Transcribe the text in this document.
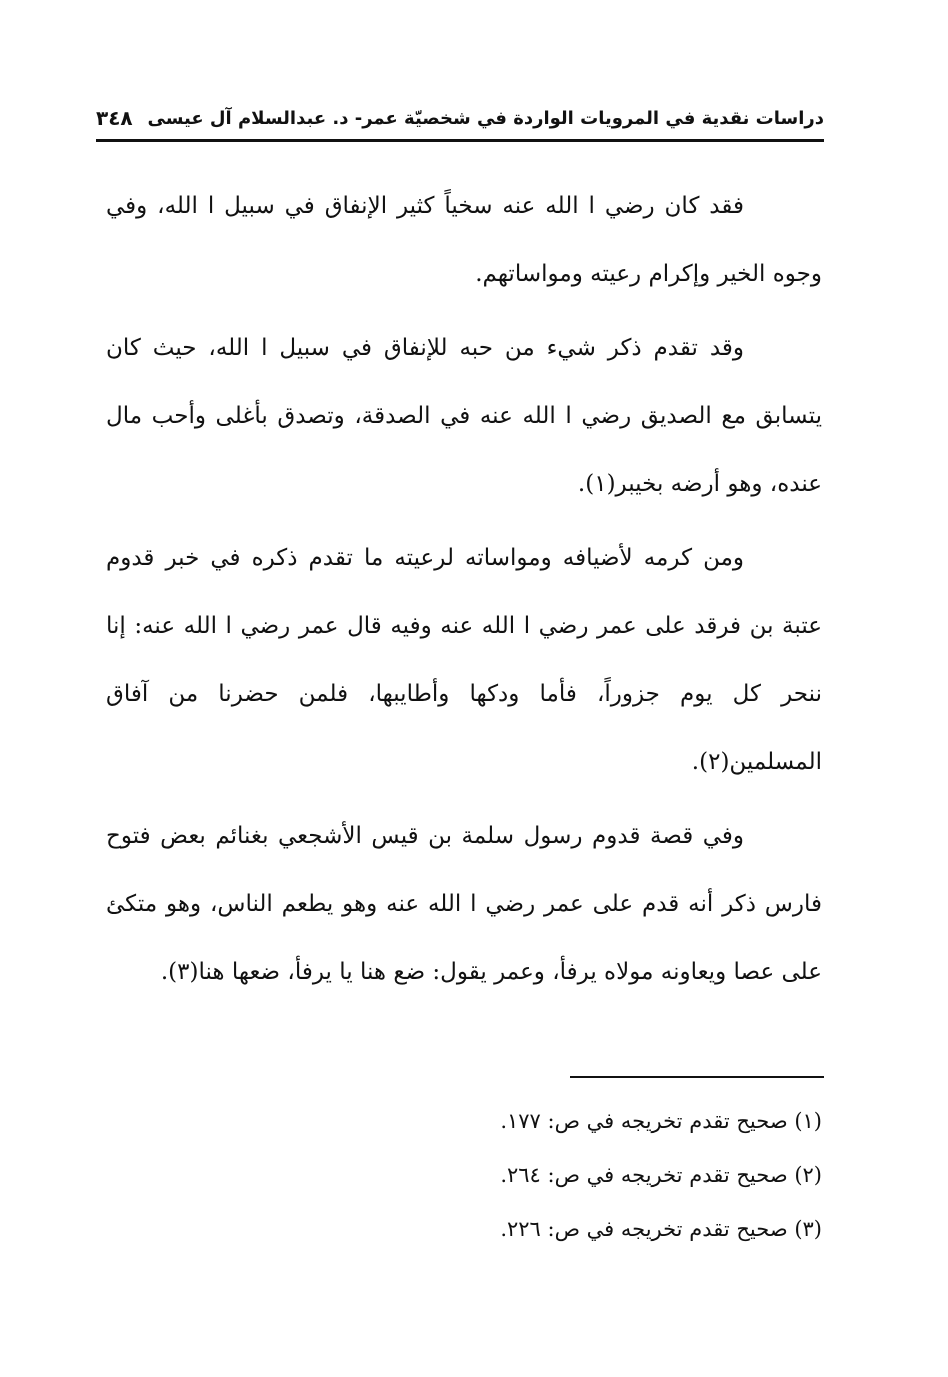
دراسات نقدية في المرويات الواردة في شخصيّة عمر- د. عبدالسلام آل عيسى
٣٤٨

فقد كان رضي ا الله عنه سخياً كثير الإنفاق في سبيل ا الله، وفي وجوه الخير وإكرام رعيته ومواساتهم.

وقد تقدم ذكر شيء من حبه للإنفاق في سبيل ا الله، حيث كان يتسابق مع الصديق رضي ا الله عنه في الصدقة، وتصدق بأغلى وأحب مال عنده، وهو أرضه بخيبر(١).

ومن كرمه لأضيافه ومواساته لرعيته ما تقدم ذكره في خبر قدوم عتبة بن فرقد على عمر رضي ا الله عنه وفيه قال عمر رضي ا الله عنه: إنا ننحر كل يوم جزوراً، فأما ودكها وأطايبها، فلمن حضرنا من آفاق المسلمين(٢).

وفي قصة قدوم رسول سلمة بن قيس الأشجعي بغنائم بعض فتوح فارس ذكر أنه قدم على عمر رضي ا الله عنه وهو يطعم الناس، وهو متكئ على عصا ويعاونه مولاه يرفأ، وعمر يقول: ضع هنا يا يرفأ، ضعها هنا(٣).

(١) صحيح تقدم تخريجه في ص: ١٧٧.
(٢) صحيح تقدم تخريجه في ص: ٢٦٤.
(٣) صحيح تقدم تخريجه في ص: ٢٢٦.
